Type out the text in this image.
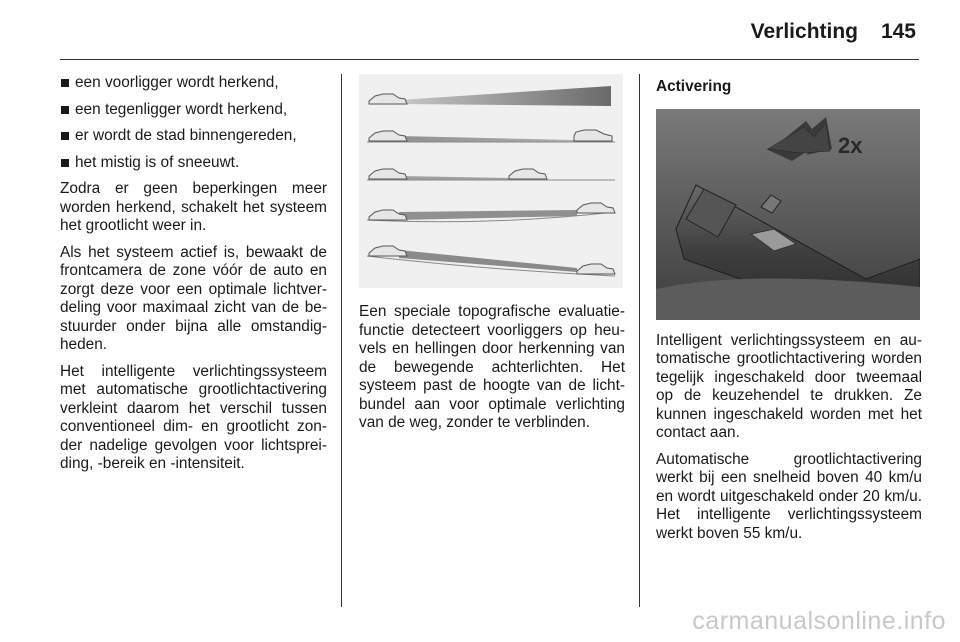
Verlichting 145
een voorligger wordt herkend,
een tegenligger wordt herkend,
er wordt de stad binnengereden,
het mistig is of sneeuwt.

Zodra er geen beperkingen meer worden herkend, schakelt het systeem het grootlicht weer in.

Als het systeem actief is, bewaakt de frontcamera de zone vóór de auto en zorgt deze voor een optimale lichtverdeling voor maximaal zicht van de bestuurder onder bijna alle omstandigheden.

Het intelligente verlichtingssysteem met automatische grootlichtactivering verkleint daarom het verschil tussen conventioneel dim- en grootlicht zonder nadelige gevolgen voor lichtspreiding, -bereik en -intensiteit.

Een speciale topografische evaluatiefunctie detecteert voorliggers op heuvels en hellingen door herkenning van de bewegende achterlichten. Het systeem past de hoogte van de lichtbundel aan voor optimale verlichting van de weg, zonder te verblinden.

Activering
2x

Intelligent verlichtingssysteem en automatische grootlichtactivering worden tegelijk ingeschakeld door tweemaal op de keuzehendel te drukken. Ze kunnen ingeschakeld worden met het contact aan.

Automatische grootlichtactivering werkt bij een snelheid boven 40 km/u en wordt uitgeschakeld onder 20 km/u. Het intelligente verlichtingssysteem werkt boven 55 km/u.

carmanualsonline.info
